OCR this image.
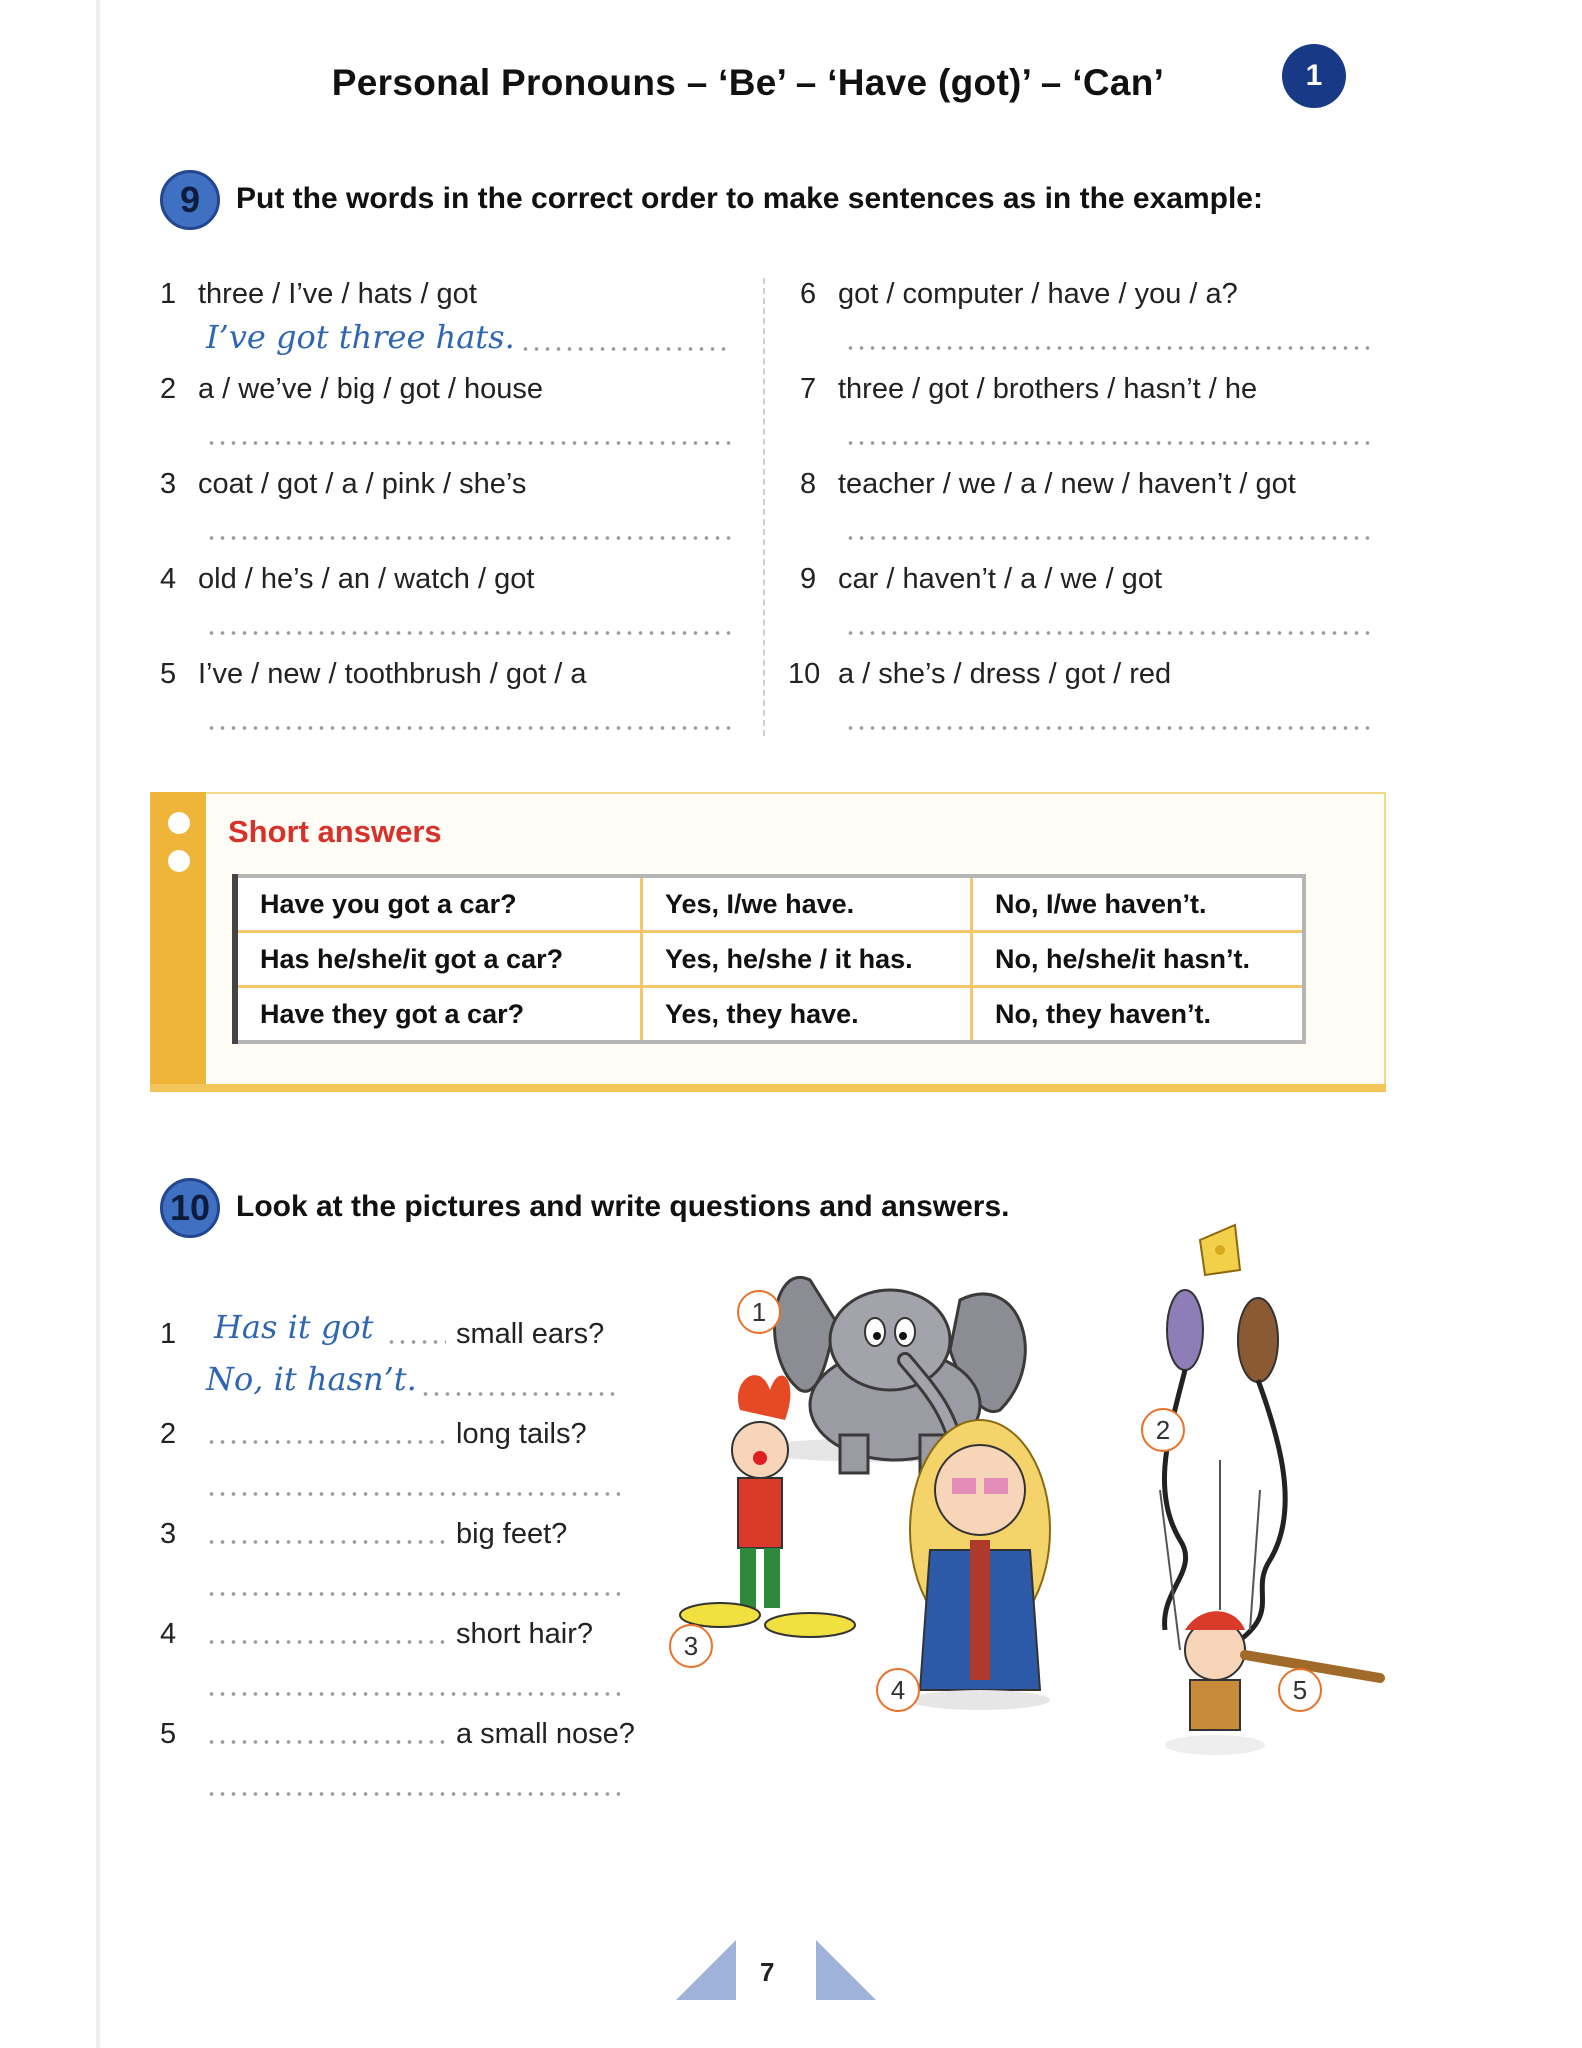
Personal Pronouns – ‘Be’ – ‘Have (got)’ – ‘Can’	1
9	Put the words in the correct order to make sentences as in the example:
1 three / I’ve / hats / got
I’ve got three hats.
2 a / we’ve / big / got / house
3 coat / got / a / pink / she’s
4 old / he’s / an / watch / got
5 I’ve / new / toothbrush / got / a
6 got / computer / have / you / a?
7 three / got / brothers / hasn’t / he
8 teacher / we / a / new / haven’t / got
9 car / haven’t / a / we / got
10 a / she’s / dress / got / red
Short answers
Have you got a car?	Yes, I/we have.	No, I/we haven’t.
Has he/she/it got a car?	Yes, he/she / it has.	No, he/she/it hasn’t.
Have they got a car?	Yes, they have.	No, they haven’t.
10 Look at the pictures and write questions and answers.
1 Has it got	small ears?
No, it hasn’t.
2	long tails?
3	big feet?
4	short hair?
5	a small nose?
1
2
3
4	5
7
